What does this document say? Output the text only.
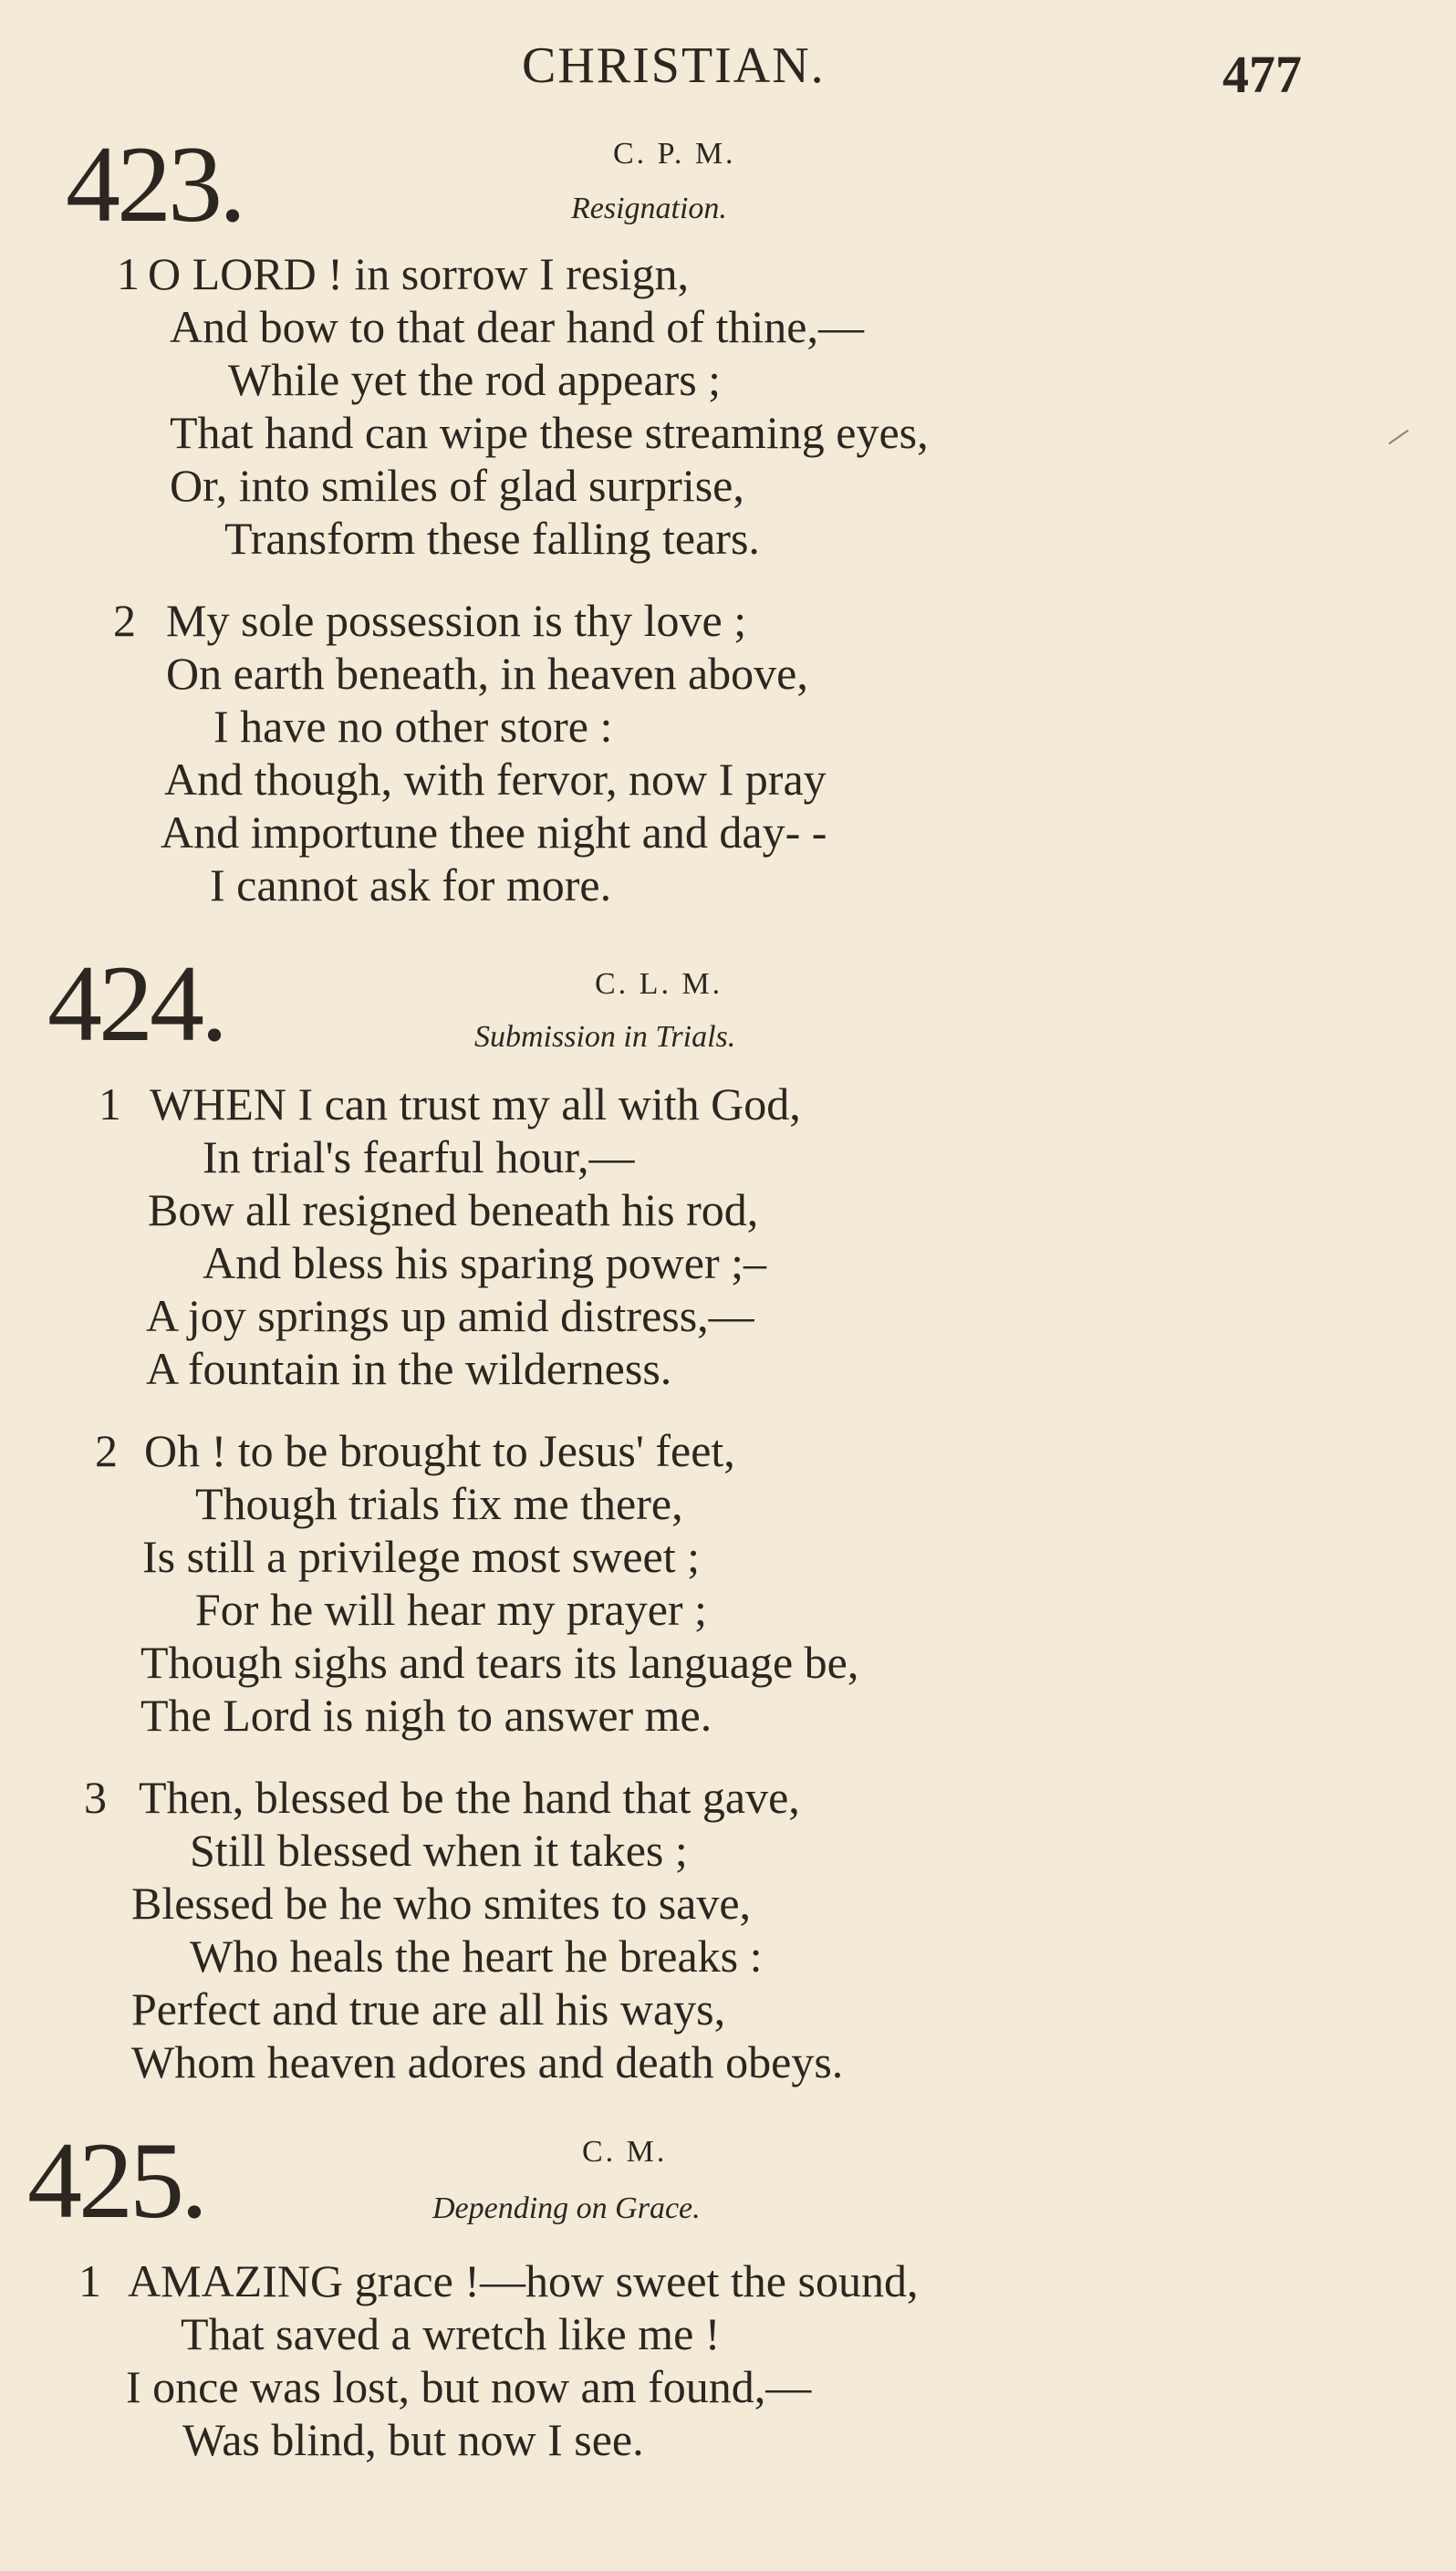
CHRISTIAN.	477
423.	C. P. M.
Resignation.
1 O LORD ! in sorrow I resign,
And bow to that dear hand of thine,—
While yet the rod appears ;
That hand can wipe these streaming eyes,
Or, into smiles of glad surprise,
Transform these falling tears.
2 My sole possession is thy love ;
On earth beneath, in heaven above,
I have no other store :
And though, with fervor, now I pray
And importune thee night and day- -
I cannot ask for more.
424.	C. L. M.
Submission in Trials.
1 WHEN I can trust my all with God,
In trial's fearful hour,—
Bow all resigned beneath his rod,
And bless his sparing power ;–
A joy springs up amid distress,—
A fountain in the wilderness.
2 Oh ! to be brought to Jesus' feet,
Though trials fix me there,
Is still a privilege most sweet ;
For he will hear my prayer ;
Though sighs and tears its language be,
The Lord is nigh to answer me.
3 Then, blessed be the hand that gave,
Still blessed when it takes ;
Blessed be he who smites to save,
Who heals the heart he breaks :
Perfect and true are all his ways,
Whom heaven adores and death obeys.
425.	C. M.
Depending on Grace.
1 AMAZING grace !—how sweet the sound,
That saved a wretch like me !
I once was lost, but now am found,—
Was blind, but now I see.
